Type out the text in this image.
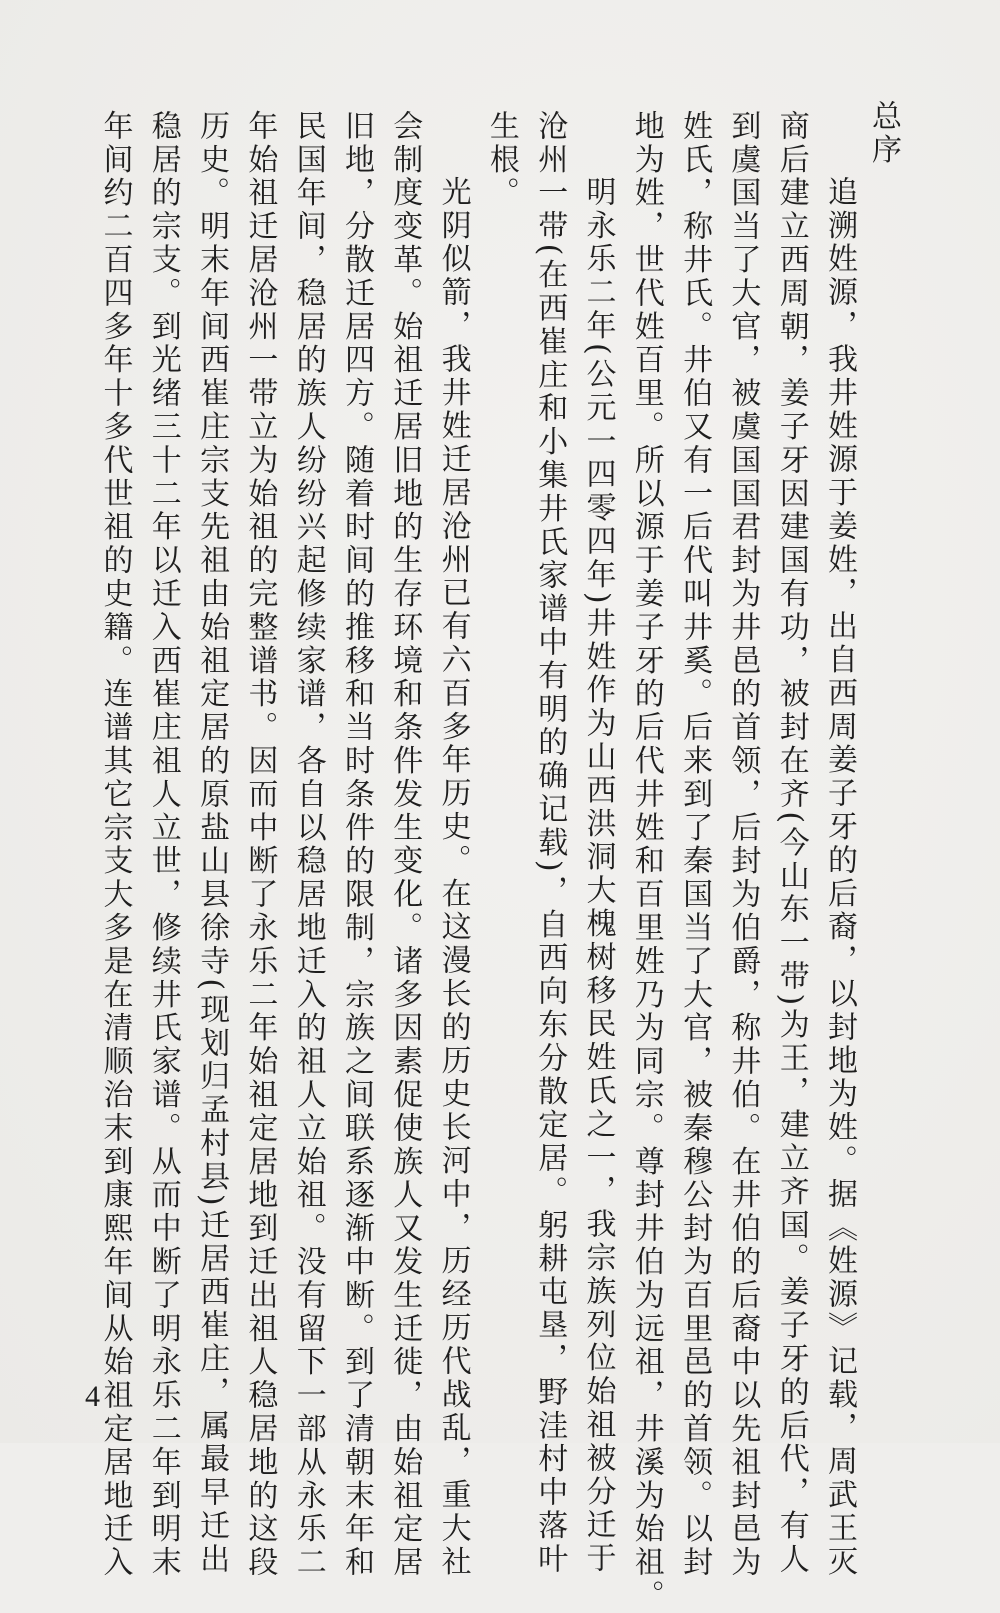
总序
追溯姓源，我井姓源于姜姓，出自西周姜子牙的后裔，以封地为姓。据《姓源》记载，周武王灭
商后建立西周朝，姜子牙因建国有功，被封在齐(今山东一带)为王，建立齐国。姜子牙的后代，有人
到虞国当了大官，被虞国国君封为井邑的首领，后封为伯爵，称井伯。在井伯的后裔中以先祖封邑为
姓氏，称井氏。井伯又有一后代叫井奚。后来到了秦国当了大官，被秦穆公封为百里邑的首领。以封
地为姓，世代姓百里。所以源于姜子牙的后代井姓和百里姓乃为同宗。尊封井伯为远祖，井溪为始祖。
明永乐二年(公元一四零四年)井姓作为山西洪洞大槐树移民姓氏之一，我宗族列位始祖被分迁于
沧州一带(在西崔庄和小集井氏家谱中有明的确记载)，自西向东分散定居。躬耕屯垦，野洼村中落叶
生根。
光阴似箭，我井姓迁居沧州已有六百多年历史。在这漫长的历史长河中，历经历代战乱，重大社
会制度变革。始祖迁居旧地的生存环境和条件发生变化。诸多因素促使族人又发生迁徙，由始祖定居
旧地，分散迁居四方。随着时间的推移和当时条件的限制，宗族之间联系逐渐中断。到了清朝末年和
民国年间，稳居的族人纷纷兴起修续家谱，各自以稳居地迁入的祖人立始祖。没有留下一部从永乐二
年始祖迁居沧州一带立为始祖的完整谱书。因而中断了永乐二年始祖定居地到迁出祖人稳居地的这段
历史。明末年间西崔庄宗支先祖由始祖定居的原盐山县徐寺(现划归孟村县)迁居西崔庄，属最早迁出
稳居的宗支。到光绪三十二年以迁入西崔庄祖人立世，修续井氏家谱。从而中断了明永乐二年到明末
年间约二百四多年十多代世祖的史籍。连谱其它宗支大多是在清顺治末到康熙年间从始祖定居地迁入
4
